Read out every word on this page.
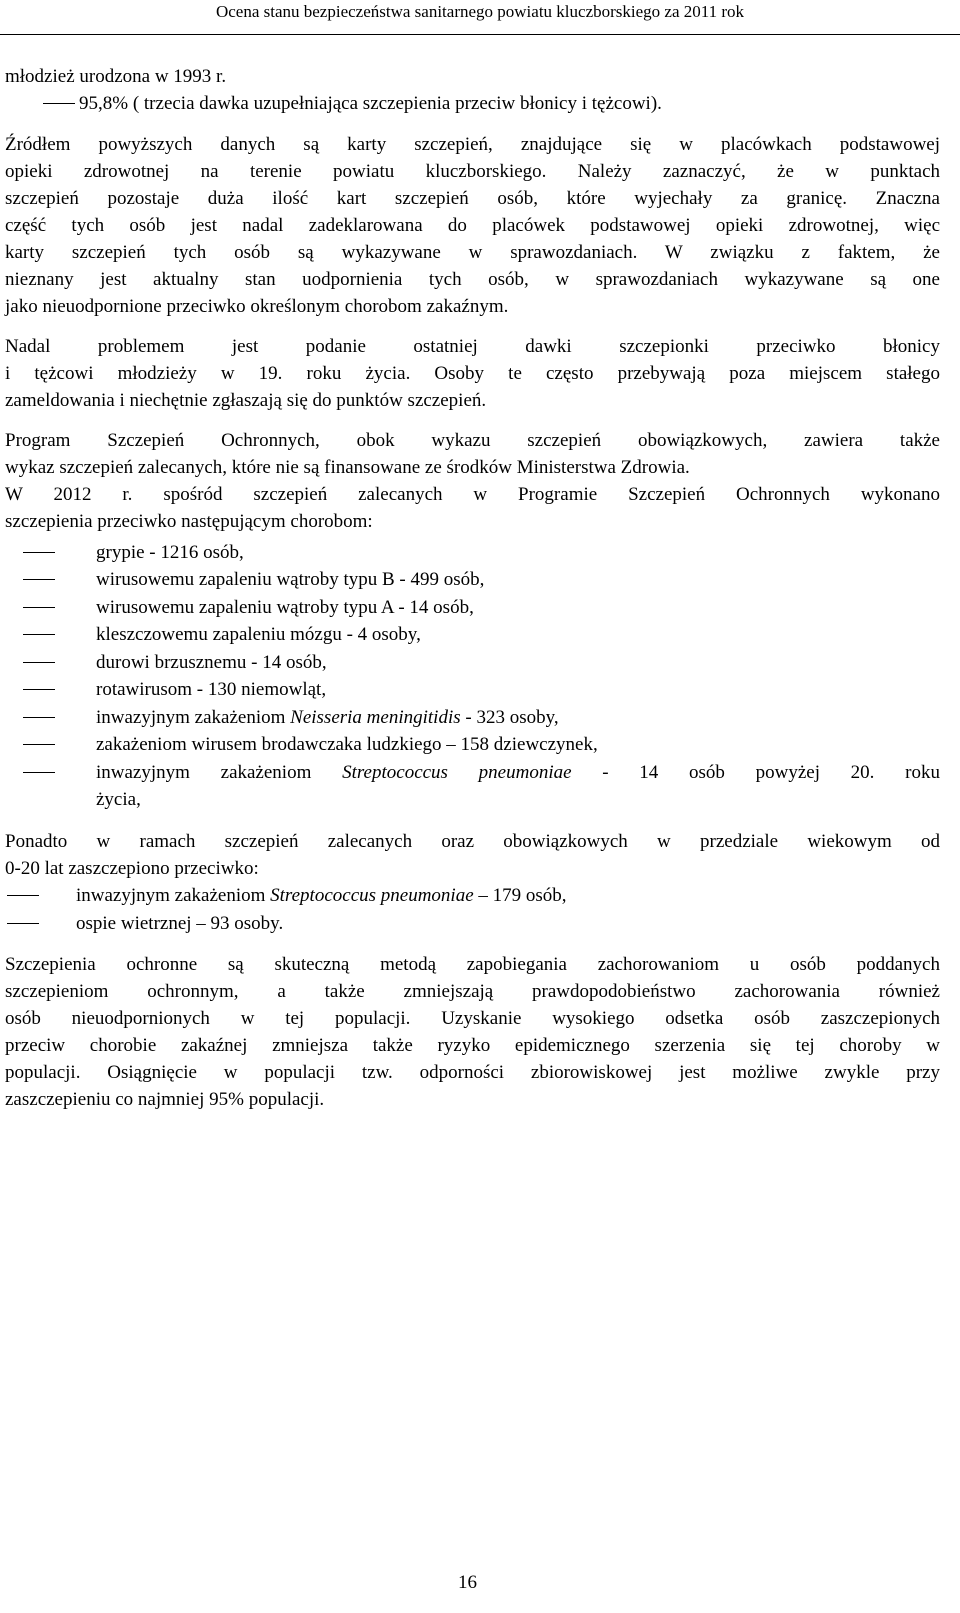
Ocena stanu bezpieczeństwa sanitarnego powiatu kluczborskiego za 2011 rok
młodzież urodzona w 1993 r.
95,8% ( trzecia dawka uzupełniająca szczepienia przeciw błonicy i tężcowi).
Źródłem powyższych danych są karty szczepień, znajdujące się w placówkach podstawowej
opieki zdrowotnej na terenie powiatu kluczborskiego. Należy zaznaczyć, że w punktach
szczepień pozostaje duża ilość kart szczepień osób, które wyjechały za granicę. Znaczna
część tych osób jest nadal zadeklarowana do placówek podstawowej opieki zdrowotnej, więc
karty szczepień tych osób są wykazywane w sprawozdaniach. W związku z faktem, że
nieznany jest aktualny stan uodpornienia tych osób, w sprawozdaniach wykazywane są one
jako nieuodpornione przeciwko określonym chorobom zakaźnym.
Nadal problemem jest podanie ostatniej dawki szczepionki przeciwko błonicy
i tężcowi młodzieży w 19. roku życia. Osoby te często przebywają poza miejscem stałego
zameldowania i niechętnie zgłaszają się do punktów szczepień.
Program Szczepień Ochronnych, obok wykazu szczepień obowiązkowych, zawiera także
wykaz szczepień zalecanych, które nie są finansowane ze środków Ministerstwa Zdrowia.
W 2012 r. spośród szczepień zalecanych w Programie Szczepień Ochronnych wykonano
szczepienia przeciwko następującym chorobom:
grypie - 1216 osób,
wirusowemu zapaleniu wątroby typu B - 499 osób,
wirusowemu zapaleniu wątroby typu A - 14 osób,
kleszczowemu zapaleniu mózgu - 4 osoby,
durowi brzusznemu - 14 osób,
rotawirusom - 130 niemowląt,
inwazyjnym zakażeniom Neisseria meningitidis - 323 osoby,
zakażeniom wirusem brodawczaka ludzkiego – 158 dziewczynek,
inwazyjnym zakażeniom Streptococcus pneumoniae - 14 osób powyżej 20. roku
życia,
Ponadto w ramach szczepień zalecanych oraz obowiązkowych w przedziale wiekowym od
0-20 lat zaszczepiono przeciwko:
inwazyjnym zakażeniom Streptococcus pneumoniae – 179 osób,
ospie wietrznej – 93 osoby.
Szczepienia ochronne są skuteczną metodą zapobiegania zachorowaniom u osób poddanych
szczepieniom ochronnym, a także zmniejszają prawdopodobieństwo zachorowania również
osób nieuodpornionych w tej populacji. Uzyskanie wysokiego odsetka osób zaszczepionych
przeciw chorobie zakaźnej zmniejsza także ryzyko epidemicznego szerzenia się tej choroby w
populacji. Osiągnięcie w populacji tzw. odporności zbiorowiskowej jest możliwe zwykle przy
zaszczepieniu co najmniej 95% populacji.
16
